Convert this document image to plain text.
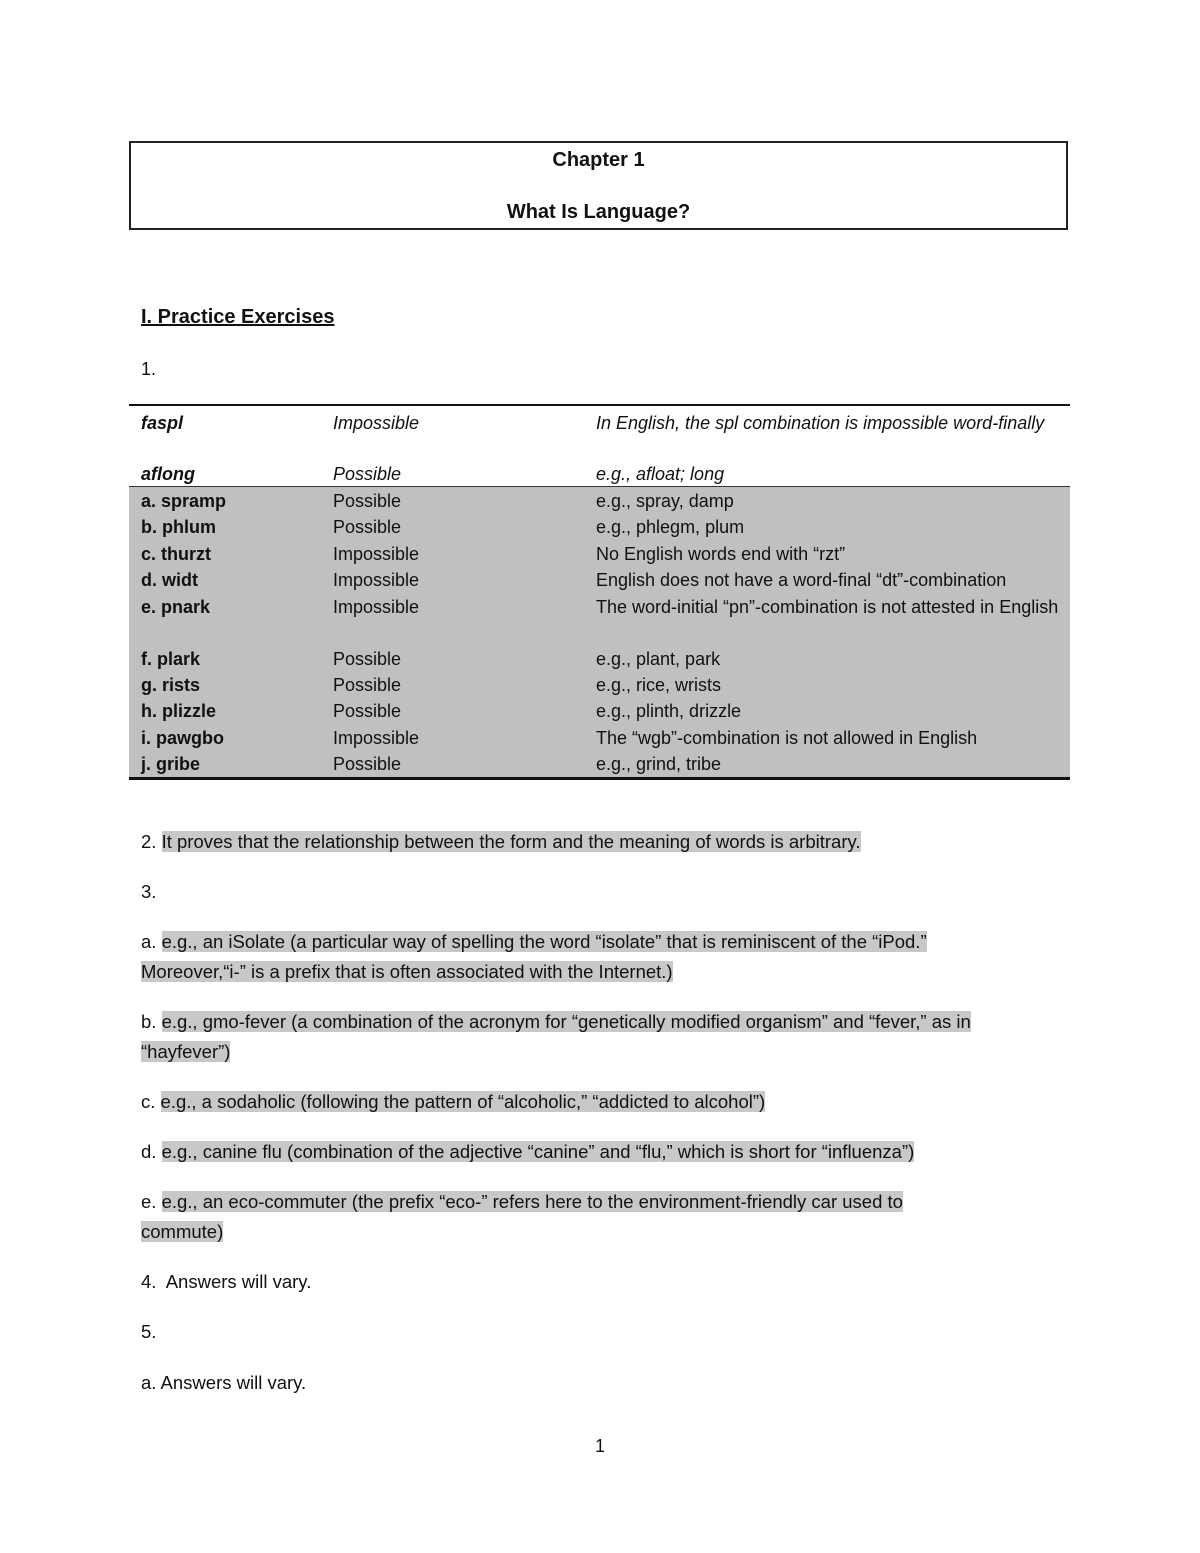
Chapter 1
What Is Language?
I. Practice Exercises
1.
faspl	Impossible	In English, the spl combination is impossible word-finally
aflong	Possible	e.g., afloat; long
a. spramp	Possible	e.g., spray, damp
b. phlum	Possible	e.g., phlegm, plum
c. thurzt	Impossible	No English words end with “rzt”
d. widt	Impossible	English does not have a word-final “dt”-combination
e. pnark	Impossible	The word-initial “pn”-combination is not attested in English
f. plark	Possible	e.g., plant, park
g. rists	Possible	e.g., rice, wrists
h. plizzle	Possible	e.g., plinth, drizzle
i. pawgbo	Impossible	The “wgb”-combination is not allowed in English
j. gribe	Possible	e.g., grind, tribe
2. It proves that the relationship between the form and the meaning of words is arbitrary.
3.
a. e.g., an iSolate (a particular way of spelling the word “isolate” that is reminiscent of the “iPod.”
Moreover,“i-” is a prefix that is often associated with the Internet.)
b. e.g., gmo-fever (a combination of the acronym for “genetically modified organism” and “fever,” as in
“hayfever”)
c. e.g., a sodaholic (following the pattern of “alcoholic,” “addicted to alcohol”)
d. e.g., canine flu (combination of the adjective “canine” and “flu,” which is short for “influenza”)
e. e.g., an eco-commuter (the prefix “eco-” refers here to the environment-friendly car used to
commute)
4. Answers will vary.
5.
a. Answers will vary.
1
